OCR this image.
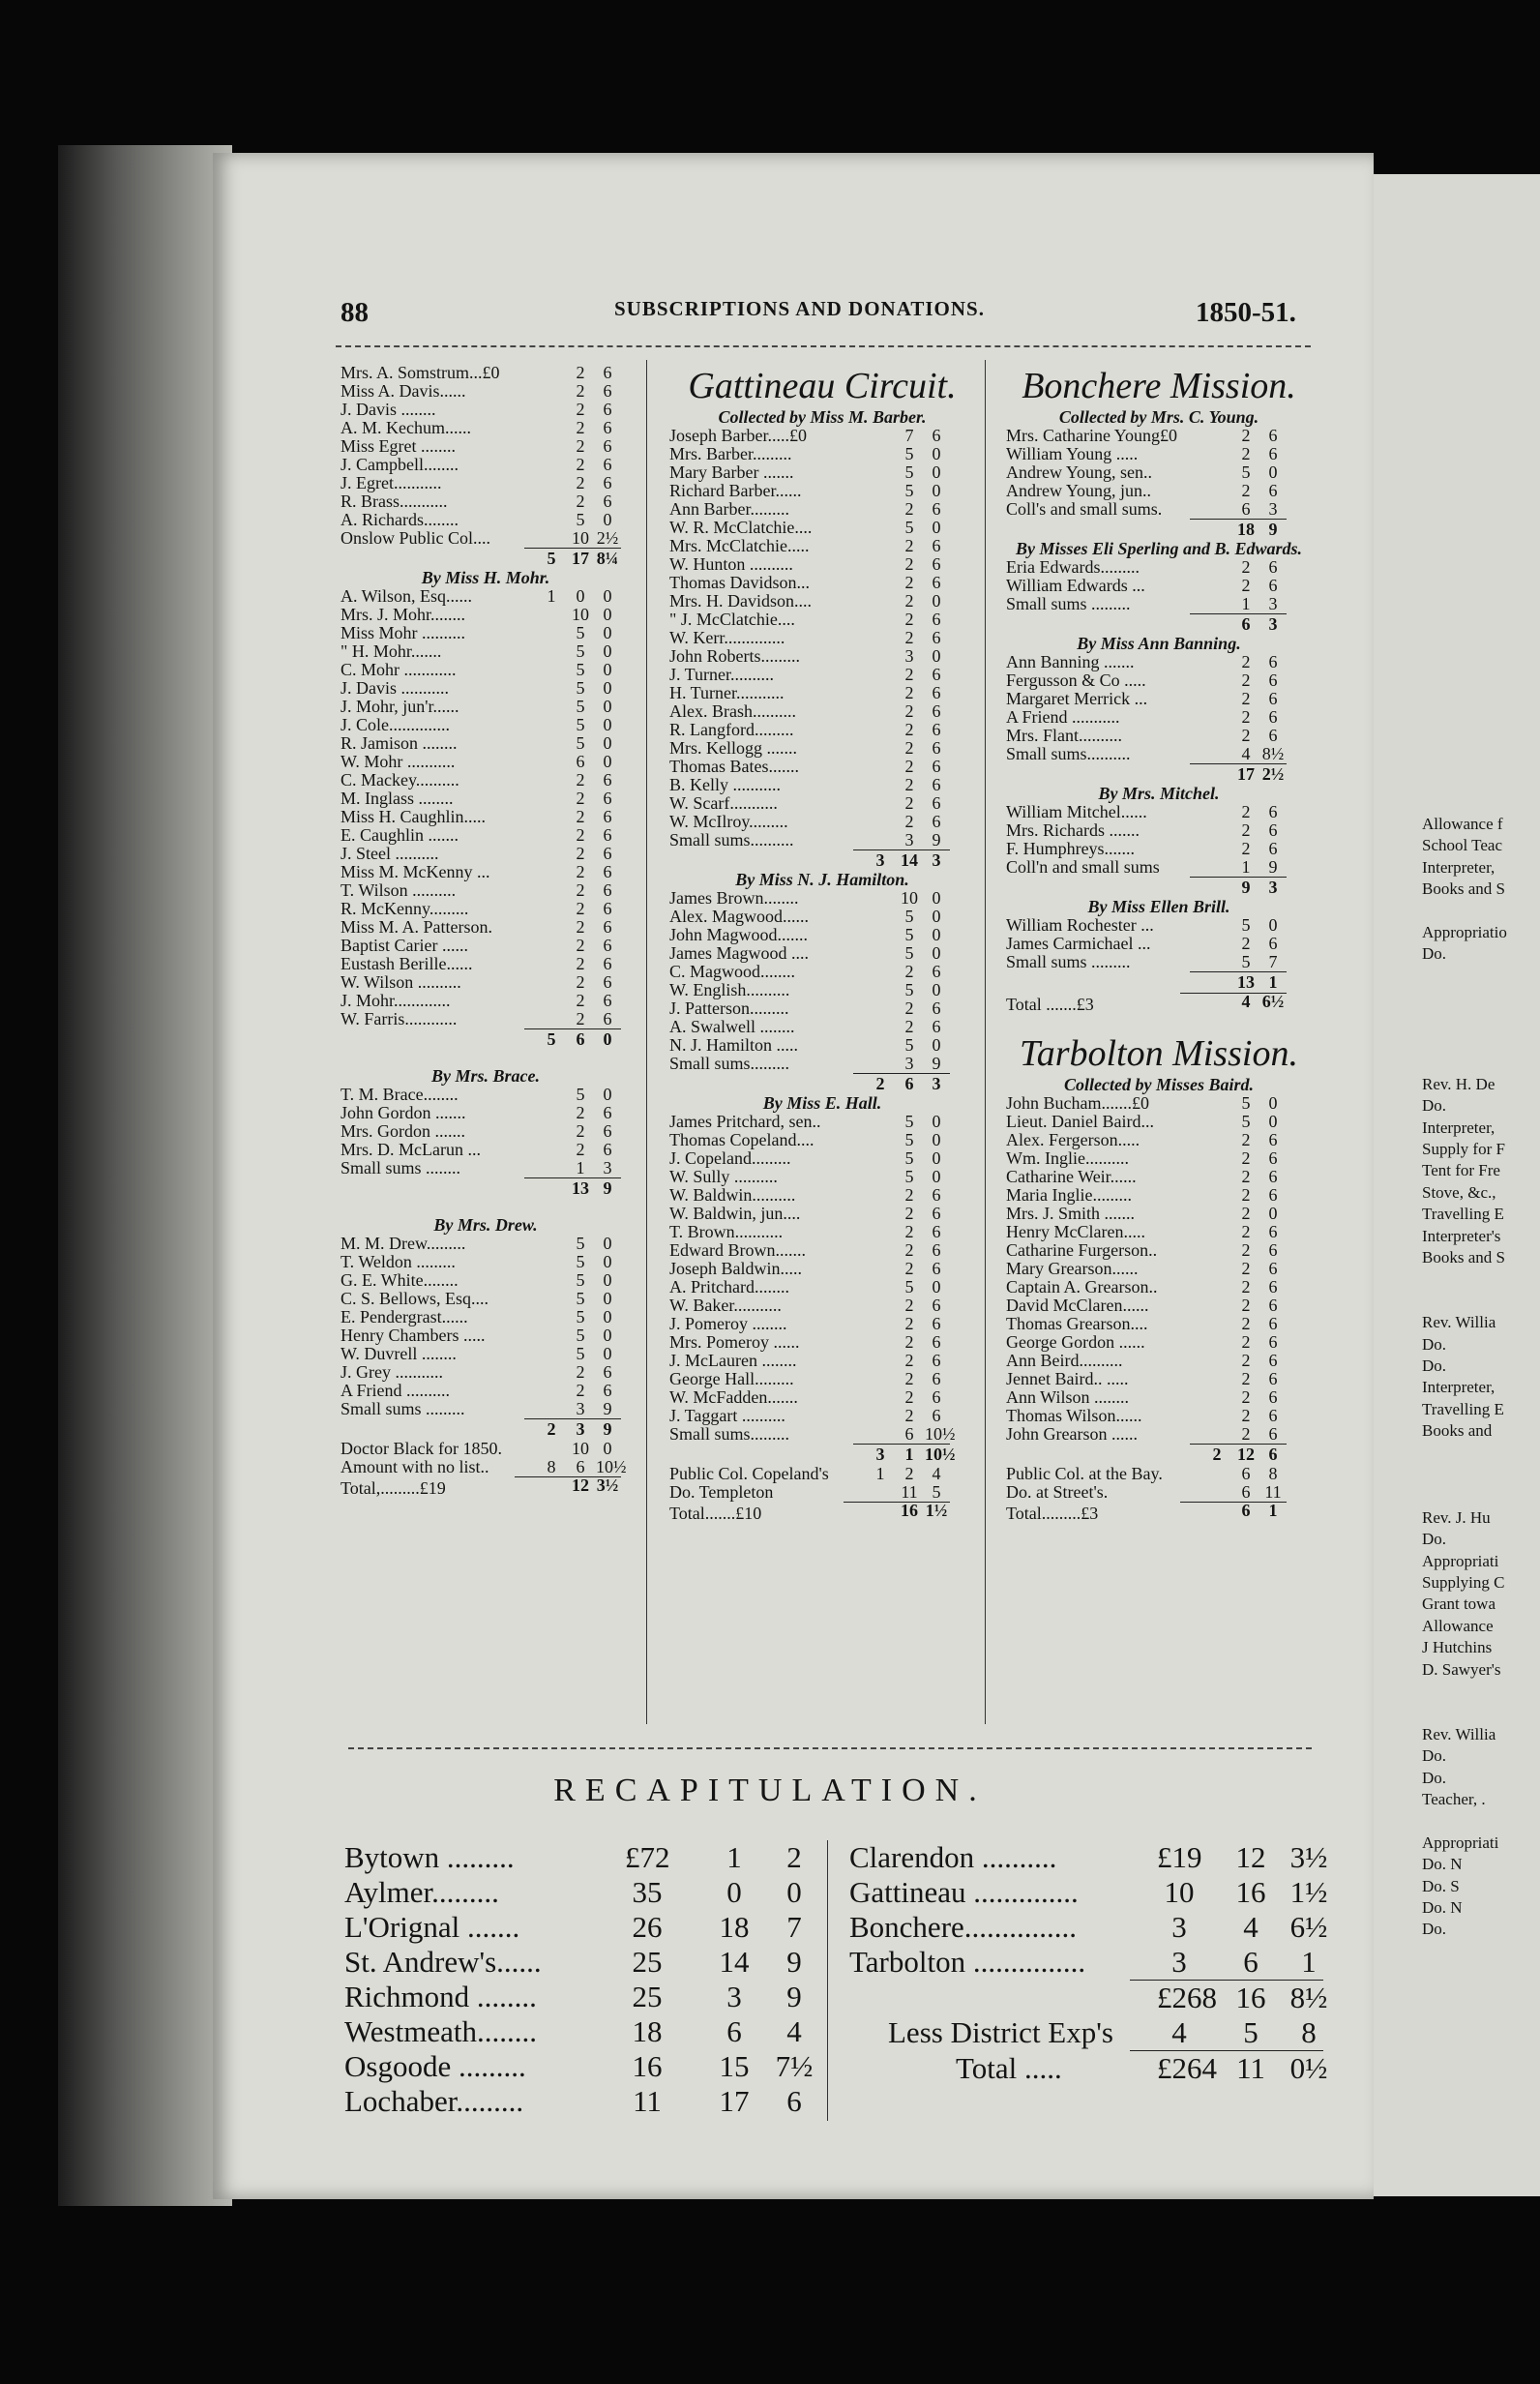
88	SUBSCRIPTIONS AND DONATIONS.	1850-51.
Mrs. A. Somstrum...£0	2	6
Miss A. Davis......	2	6
J. Davis ........	2	6
A. M. Kechum......	2	6
Miss Egret ........	2	6
J. Campbell........	2	6
J. Egret...........	2	6
R. Brass...........	2	6
A. Richards........	5	0
Onslow Public Col....	10 2½
5 17 8¼
By Miss H. Mohr.
A. Wilson, Esq......	1	0	0
Mrs. J. Mohr........	10 0
Miss Mohr ..........	5	0
" H. Mohr.......	5	0
C. Mohr ............	5	0
J. Davis ...........	5	0
J. Mohr, jun'r......	5	0
J. Cole..............	5	0
R. Jamison ........	5	0
W. Mohr ...........	6	0
C. Mackey..........	2	6
M. Inglass ........	2	6
Miss H. Caughlin.....	2	6
E. Caughlin .......	2	6
J. Steel ..........	2	6
Miss M. McKenny ...	2	6
T. Wilson ..........	2	6
R. McKenny.........	2	6
Miss M. A. Patterson.	2	6
Baptist Carier ......	2	6
Eustash Berille......	2	6
W. Wilson ..........	2	6
J. Mohr.............	2	6
W. Farris............	2	6
5	6	0
By Mrs. Brace.
T. M. Brace........	5	0
John Gordon .......	2	6
Mrs. Gordon .......	2	6
Mrs. D. McLarun ...	2	6
Small sums ........	1	3
13 9
By Mrs. Drew.
M. M. Drew.........	5	0
T. Weldon .........	5	0
G. E. White........	5	0
C. S. Bellows, Esq....	5	0
E. Pendergrast......	5	0
Henry Chambers .....	5	0
W. Duvrell ........	5	0
J. Grey ...........	2	6
A Friend ..........	2	6
Small sums .........	3	9
2	3	9
Doctor Black for 1850.	10 0
Amount with no list..	8	6 10½
Total,.........£19	12 3½
Gattineau Circuit.
Collected by Miss M. Barber.
Joseph Barber.....£0	7	6
Mrs. Barber.........	5	0
Mary Barber .......	5	0
Richard Barber......	5	0
Ann Barber.........	2	6
W. R. McClatchie....	5	0
Mrs. McClatchie.....	2	6
W. Hunton ..........	2	6
Thomas Davidson...	2	6
Mrs. H. Davidson....	2	0
" J. McClatchie....	2	6
W. Kerr..............	2	6
John Roberts.........	3	0
J. Turner..........	2	6
H. Turner...........	2	6
Alex. Brash..........	2	6
R. Langford.........	2	6
Mrs. Kellogg .......	2	6
Thomas Bates.......	2	6
B. Kelly ...........	2	6
W. Scarf...........	2	6
W. McIlroy.........	2	6
Small sums..........	3	9
3 14 3
By Miss N. J. Hamilton.
James Brown........	10 0
Alex. Magwood......	5	0
John Magwood.......	5	0
James Magwood ....	5	0
C. Magwood........	2	6
W. English..........	5	0
J. Patterson.........	2	6
A. Swalwell ........	2	6
N. J. Hamilton .....	5	0
Small sums.........	3	9
2	6	3
By Miss E. Hall.
James Pritchard, sen..	5	0
Thomas Copeland....	5	0
J. Copeland.........	5	0
W. Sully ..........	5	0
W. Baldwin..........	2	6
W. Baldwin, jun....	2	6
T. Brown...........	2	6
Edward Brown.......	2	6
Joseph Baldwin.....	2	6
A. Pritchard........	5	0
W. Baker...........	2	6
J. Pomeroy ........	2	6
Mrs. Pomeroy ......	2	6
J. McLauren ........	2	6
George Hall.........	2	6
W. McFadden.......	2	6
J. Taggart ..........	2	6
Small sums.........	6 10½
3	1 10½
Public Col. Copeland's	1	2	4
Do. Templeton	11 5
Total.......£10	16 1½
Bonchere Mission.
Collected by Mrs. C. Young.
Mrs. Catharine Young£0	2	6
William Young .....	2	6
Andrew Young, sen..	5	0
Andrew Young, jun..	2	6
Coll's and small sums.	6	3
18 9
By Misses Eli Sperling and B. Edwards.
Eria Edwards.........	2	6
William Edwards ...	2	6
Small sums .........	1	3
6	3
By Miss Ann Banning.
Ann Banning .......	2	6
Fergusson & Co .....	2	6
Margaret Merrick ...	2	6
A Friend ...........	2	6
Mrs. Flant..........	2	6
Small sums..........	4 8½
17 2½
By Mrs. Mitchel.
William Mitchel......	2	6
Mrs. Richards .......	2	6
F. Humphreys.......	2	6
Coll'n and small sums	1	9
9	3
By Miss Ellen Brill.
William Rochester ...	5	0
James Carmichael ...	2	6
Small sums .........	5	7
13 1
Total .......£3	4 6½
Tarbolton Mission.
Collected by Misses Baird.
John Bucham.......£0	5	0
Lieut. Daniel Baird...	5	0
Alex. Fergerson.....	2	6
Wm. Inglie..........	2	6
Catharine Weir......	2	6
Maria Inglie.........	2	6
Mrs. J. Smith .......	2	0
Henry McClaren.....	2	6
Catharine Furgerson..	2	6
Mary Grearson......	2	6
Captain A. Grearson..	2	6
David McClaren......	2	6
Thomas Grearson....	2	6
George Gordon ......	2	6
Ann Beird..........	2	6
Jennet Baird.. .....	2	6
Ann Wilson ........	2	6
Thomas Wilson......	2	6
John Grearson ......	2	6
2 12 6
Public Col. at the Bay.	6	8
Do. at Street's.	6 11
Total.........£3	6	1
RECAPITULATION.
Bytown .........	£72	1	2
Aylmer.........	35	0	0
L'Orignal .......	26 18	7
St. Andrew's......	25 14	9
Richmond ........	25	3	9
Westmeath........	18	6	4
Osgoode .........	16 15 7½
Lochaber.........	11 17	6
Clarendon ..........	£19 12 3½
Gattineau ..............	10 16 1½
Bonchere...............	3	4	6½
Tarbolton ...............	3	6	1
£268 16 8½
Less District Exp's	4	5	8
Total .....	£264 11 0½
Allowance f
School Teac
Interpreter,
Books and S
Appropriatio
Do.
Rev. H. De
Do.
Interpreter,
Supply for F
Tent for Fre
Stove, &c.,
Travelling E
Interpreter's
Books and S
Rev. Willia
Do.
Do.
Interpreter,
Travelling E
Books and
Rev. J. Hu
Do.
Appropriati
Supplying C
Grant towa
Allowance
J Hutchins
D. Sawyer's
Rev. Willia
Do.
Do.
Teacher, .
Appropriati
Do. N
Do. S
Do. N
Do.
